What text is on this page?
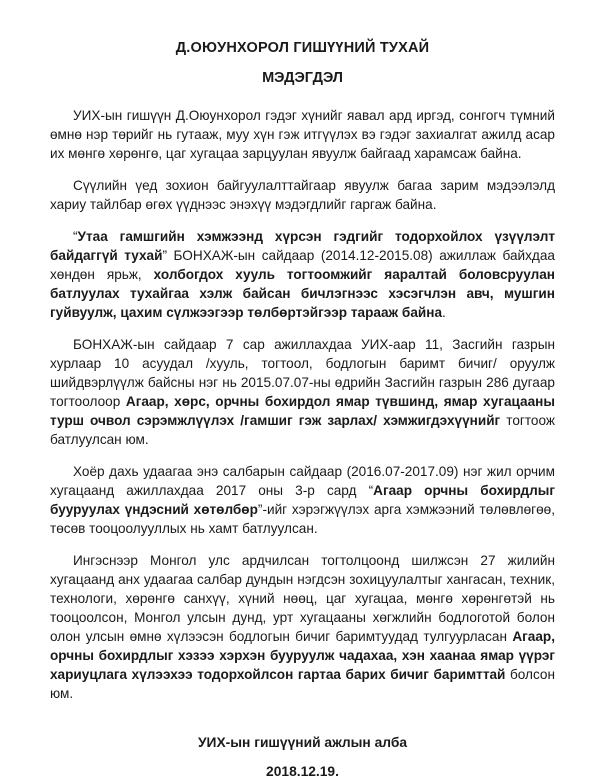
Д.ОЮУНХОРОЛ ГИШҮҮНИЙ ТУХАЙ
МЭДЭГДЭЛ

УИХ-ын гишүүн Д.Оюунхорол гэдэг хүнийг яавал ард иргэд, сонгогч түмний өмнө нэр төрийг нь гутааж, муу хүн гэж итгүүлэх вэ гэдэг захиалгат ажилд асар их мөнгө хөрөнгө, цаг хугацаа зарцуулан явуулж байгаад харамсаж байна.

Сүүлийн үед зохион байгуулалттайгаар явуулж багаа зарим мэдээлэлд хариу тайлбар өгөх үүднээс энэхүү мэдэгдлийг гаргаж байна.

“Утаа гамшгийн хэмжээнд хүрсэн гэдгийг тодорхойлох үзүүлэлт байдаггүй тухай” БОНХАЖ-ын сайдаар (2014.12-2015.08) ажиллаж байхдаа хөндөн ярьж, холбогдох хууль тогтоомжийг яаралтай боловсруулан батлуулах тухайгаа хэлж байсан бичлэгнээс хэсэгчлэн авч, мушгин гуйвуулж, цахим сүлжээгээр төлбөртэйгээр тарааж байна.

БОНХАЖ-ын сайдаар 7 сар ажиллахдаа УИХ-аар 11, Засгийн газрын хурлаар 10 асуудал /хууль, тогтоол, бодлогын баримт бичиг/ оруулж шийдвэрлүүлж байсны нэг нь 2015.07.07-ны өдрийн Засгийн газрын 286 дугаар тогтоолоор Агаар, хөрс, орчны бохирдол ямар түвшинд, ямар хугацааны турш очвол сэрэмжлүүлэх /гамшиг гэж зарлах/ хэмжигдэхүүнийг тогтоож батлуулсан юм.

Хоёр дахь удаагаа энэ салбарын сайдаар (2016.07-2017.09) нэг жил орчим хугацаанд ажиллахдаа 2017 оны 3-р сард “Агаар орчны бохирдлыг бууруулах үндэсний хөтөлбөр”-ийг хэрэгжүүлэх арга хэмжээний төлөвлөгөө, төсөв тооцоолууллых нь хамт батлуулсан.

Ингэснээр Монгол улс ардчилсан тогтолцоонд шилжсэн 27 жилийн хугацаанд анх удаагаа салбар дундын нэгдсэн зохицуулалтыг хангасан, техник, технологи, хөрөнгө санхүү, хүний нөөц, цаг хугацаа, мөнгө хөрөнгөтэй нь тооцоолсон, Монгол улсын дунд, урт хугацааны хөгжлийн бодлоготой болон олон улсын өмнө хүлээсэн бодлогын бичиг баримтуудад тулгуурласан Агаар, орчны бохирдлыг хэзээ хэрхэн бууруулж чадахаа, хэн хаанаа ямар үүрэг хариуцлага хүлээхээ тодорхойлсон гартаа барих бичиг баримттай болсон юм.

УИХ-ын гишүүний ажлын алба
2018.12.19.
